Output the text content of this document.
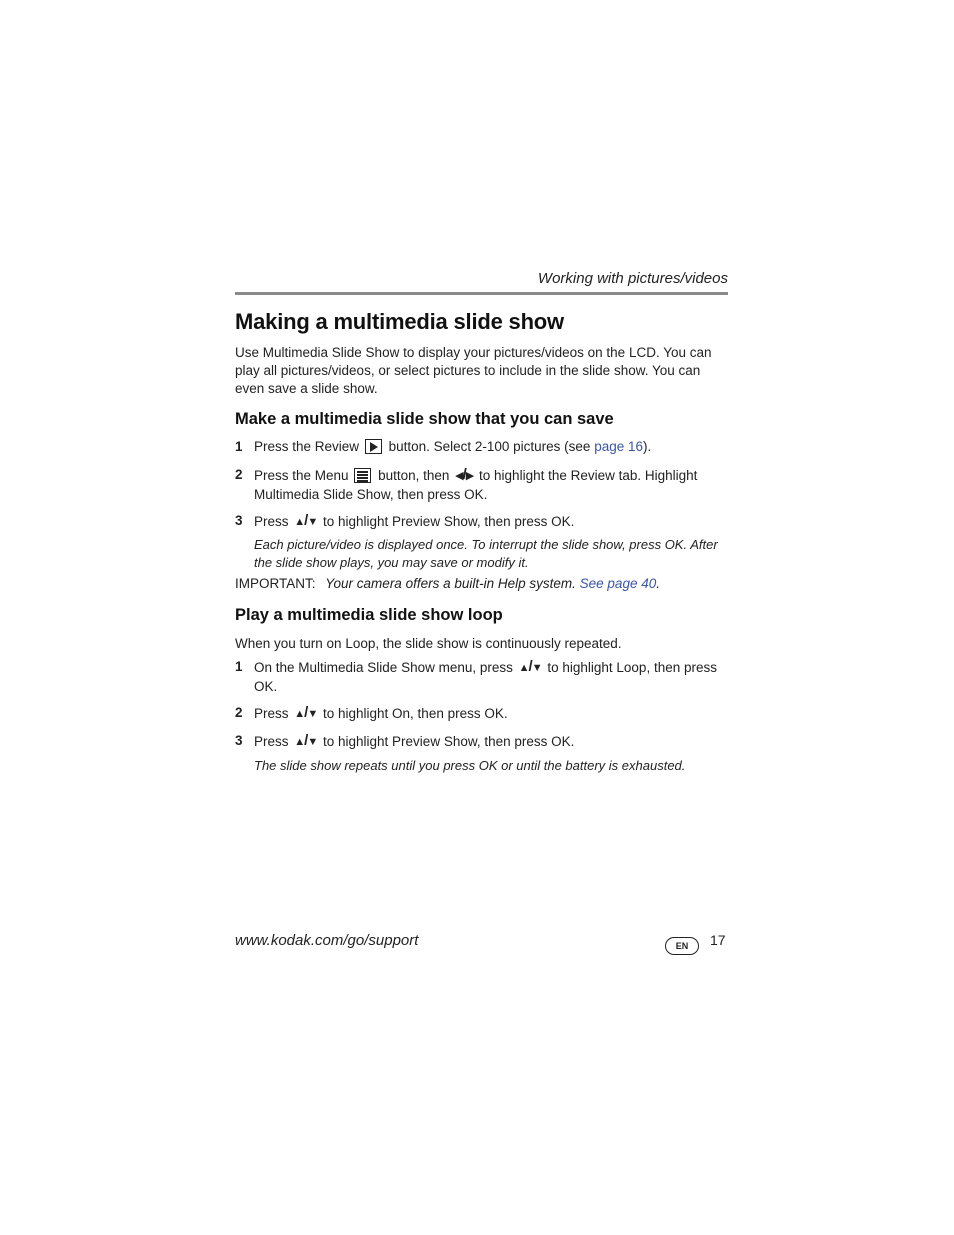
Working with pictures/videos
Making a multimedia slide show

Use Multimedia Slide Show to display your pictures/videos on the LCD. You can play all pictures/videos, or select pictures to include in the slide show. You can even save a slide show.

Make a multimedia slide show that you can save
1 Press the Review button. Select 2-100 pictures (see page 16).
2 Press the Menu button, then ◀/▶ to highlight the Review tab. Highlight Multimedia Slide Show, then press OK.
3 Press ▲/▼ to highlight Preview Show, then press OK.
Each picture/video is displayed once. To interrupt the slide show, press OK. After the slide show plays, you may save or modify it.
IMPORTANT: Your camera offers a built-in Help system. See page 40.
Play a multimedia slide show loop

When you turn on Loop, the slide show is continuously repeated.

1 On the Multimedia Slide Show menu, press ▲/▼ to highlight Loop, then press OK.
2 Press ▲/▼ to highlight On, then press OK.
3 Press ▲/▼ to highlight Preview Show, then press OK.
The slide show repeats until you press OK or until the battery is exhausted.
www.kodak.com/go/support	EN	17
